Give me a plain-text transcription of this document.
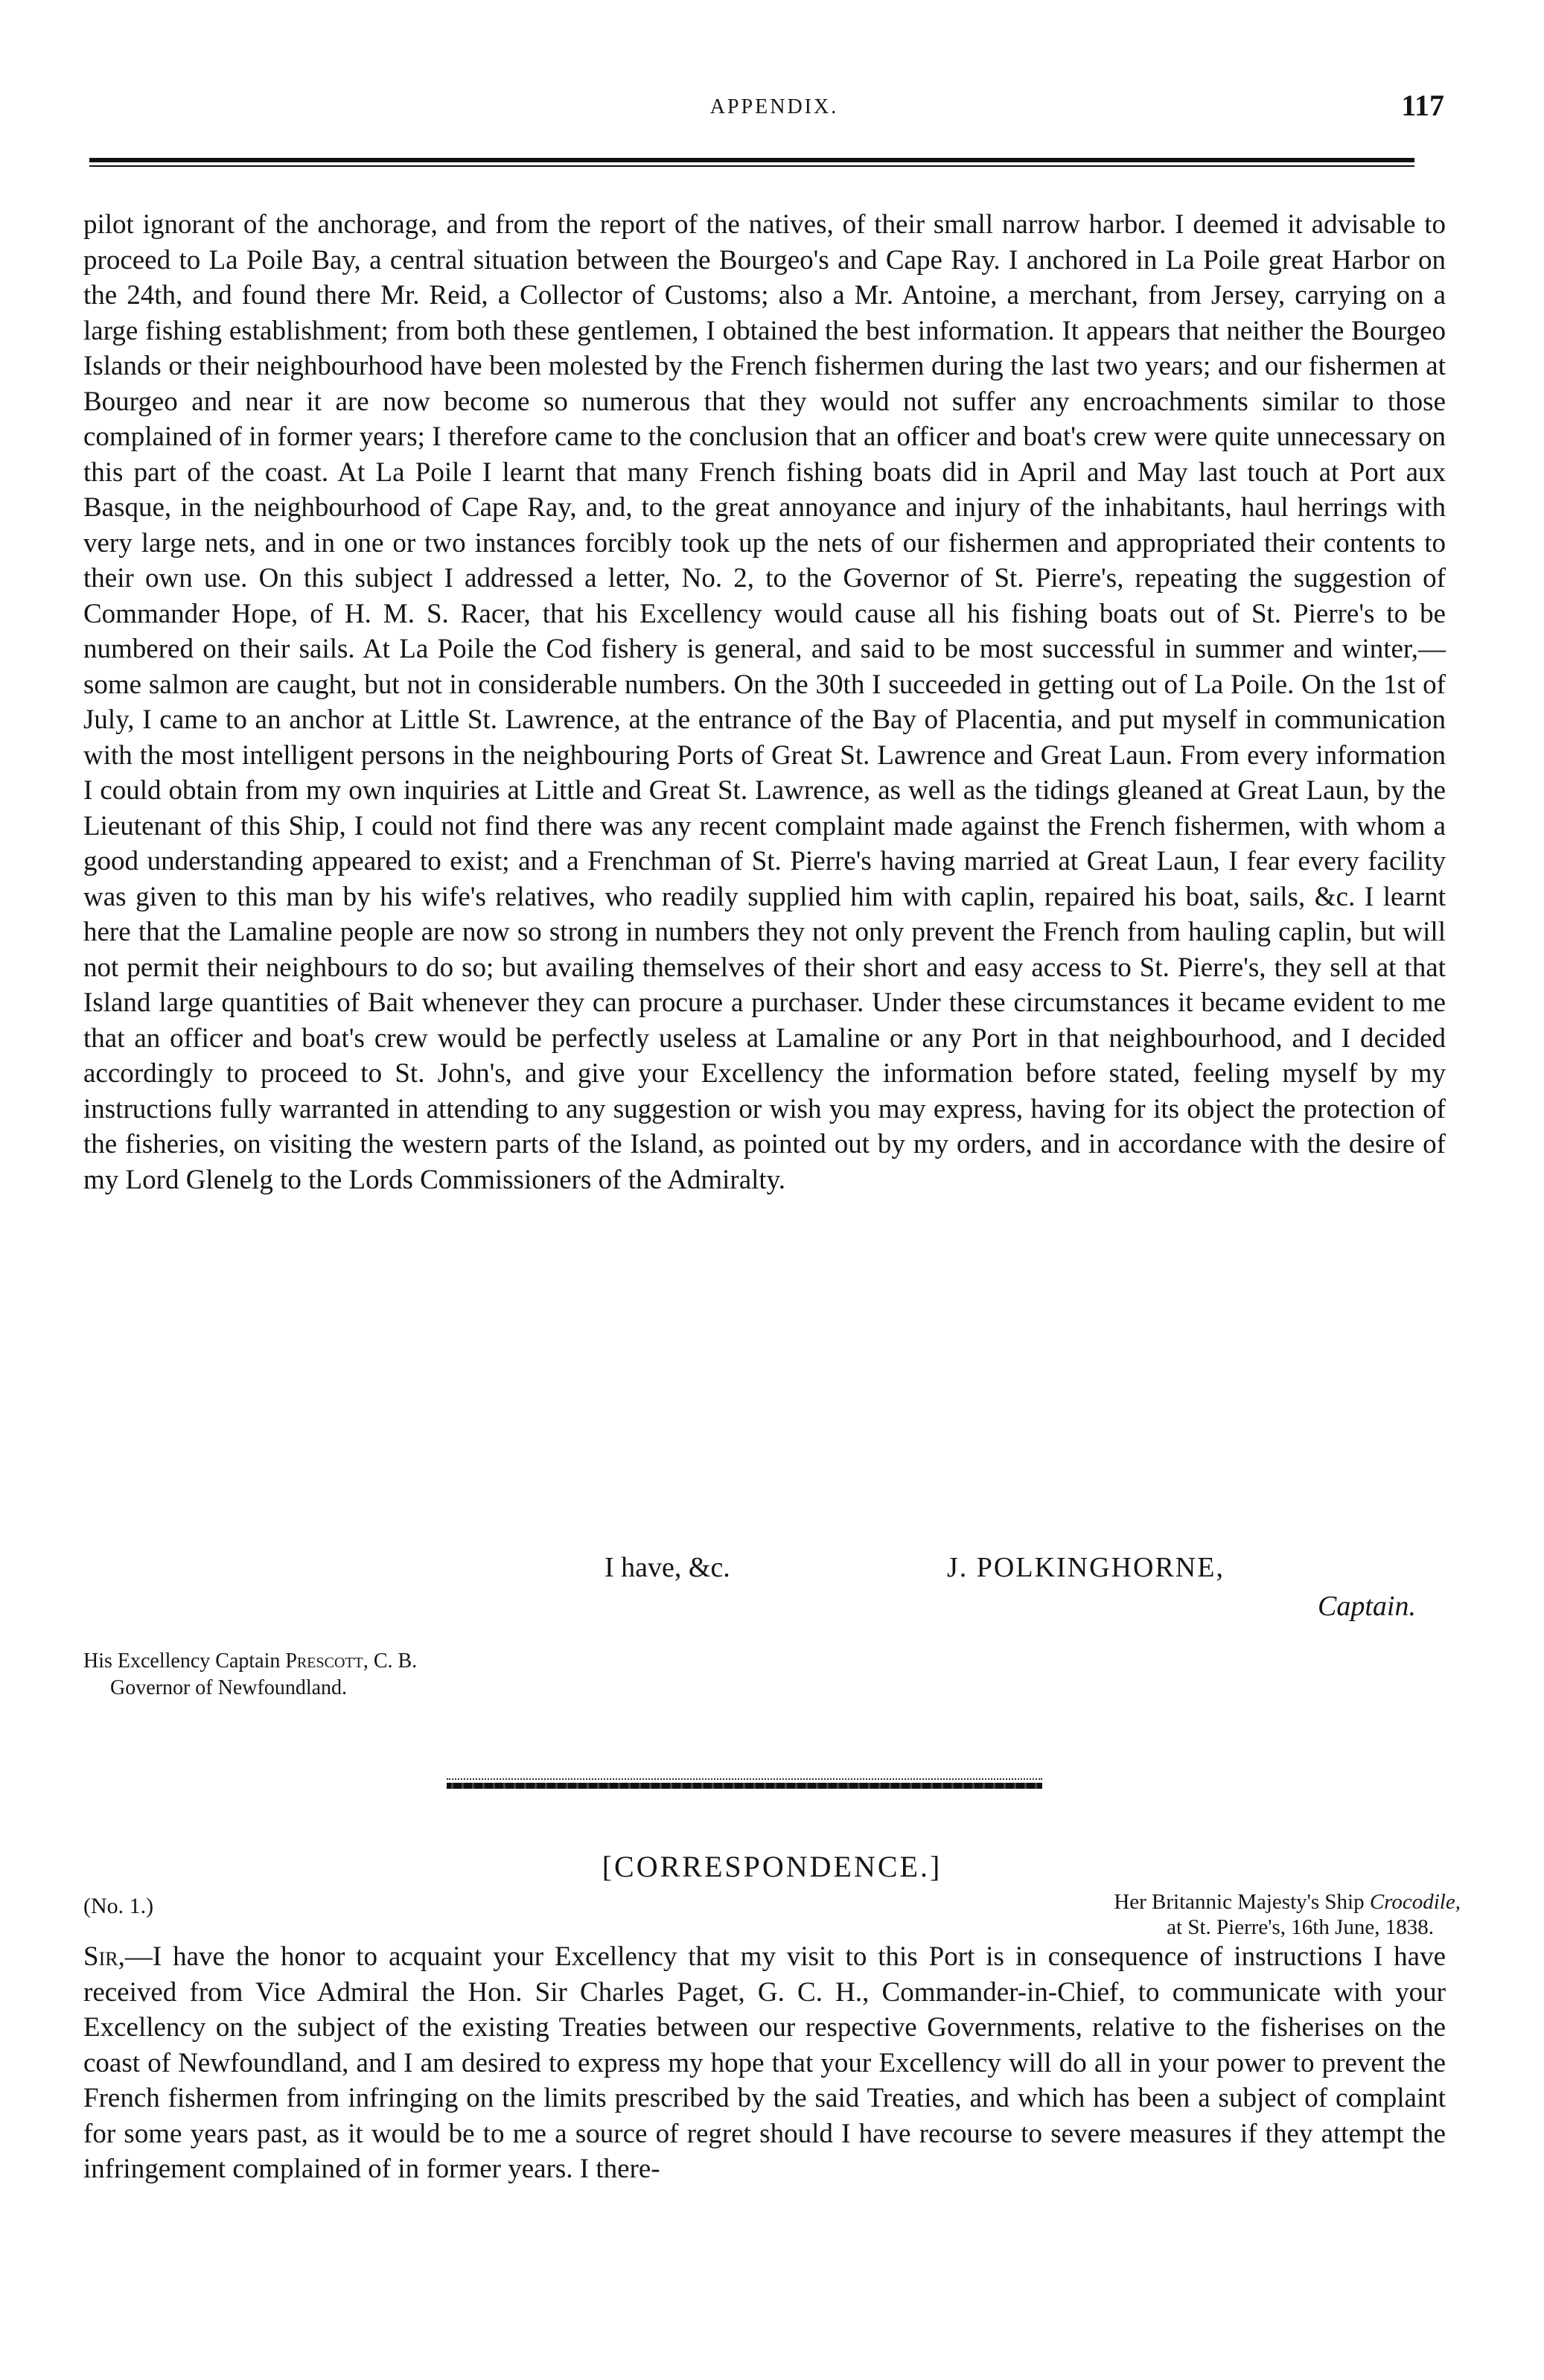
APPENDIX.	117

pilot ignorant of the anchorage, and from the report of the natives, of their small narrow harbor. I deemed it advisable to proceed to La Poile Bay, a central situation between the Bourgeo's and Cape Ray. I anchored in La Poile great Harbor on the 24th, and found there Mr. Reid, a Collector of Customs; also a Mr. Antoine, a merchant, from Jersey, carrying on a large fishing establishment; from both these gentlemen, I obtained the best information. It appears that neither the Bourgeo Islands or their neighbourhood have been molested by the French fishermen during the last two years; and our fishermen at Bourgeo and near it are now become so numerous that they would not suffer any encroachments similar to those complained of in former years; I therefore came to the conclusion that an officer and boat's crew were quite unnecessary on this part of the coast. At La Poile I learnt that many French fishing boats did in April and May last touch at Port aux Basque, in the neighbourhood of Cape Ray, and, to the great annoyance and injury of the inhabitants, haul herrings with very large nets, and in one or two instances forcibly took up the nets of our fishermen and appropriated their contents to their own use. On this subject I addressed a letter, No. 2, to the Governor of St. Pierre's, repeating the suggestion of Commander Hope, of H. M. S. Racer, that his Excellency would cause all his fishing boats out of St. Pierre's to be numbered on their sails. At La Poile the Cod fishery is general, and said to be most successful in summer and winter,—some salmon are caught, but not in considerable numbers. On the 30th I succeeded in getting out of La Poile. On the 1st of July, I came to an anchor at Little St. Lawrence, at the entrance of the Bay of Placentia, and put myself in communication with the most intelligent persons in the neighbouring Ports of Great St. Lawrence and Great Laun. From every information I could obtain from my own inquiries at Little and Great St. Lawrence, as well as the tidings gleaned at Great Laun, by the Lieutenant of this Ship, I could not find there was any recent complaint made against the French fishermen, with whom a good understanding appeared to exist; and a Frenchman of St. Pierre's having married at Great Laun, I fear every facility was given to this man by his wife's relatives, who readily supplied him with caplin, repaired his boat, sails, &c. I learnt here that the Lamaline people are now so strong in numbers they not only prevent the French from hauling caplin, but will not permit their neighbours to do so; but availing themselves of their short and easy access to St. Pierre's, they sell at that Island large quantities of Bait whenever they can procure a purchaser. Under these circumstances it became evident to me that an officer and boat's crew would be perfectly useless at Lamaline or any Port in that neighbourhood, and I decided accordingly to proceed to St. John's, and give your Excellency the information before stated, feeling myself by my instructions fully warranted in attending to any suggestion or wish you may express, having for its object the protection of the fisheries, on visiting the western parts of the Island, as pointed out by my orders, and in accordance with the desire of my Lord Glenelg to the Lords Commissioners of the Admiralty.

I have, &c.	J. POLKINGHORNE,
Captain.
His Excellency Captain Prescott, C. B.
Governor of Newfoundland.
[CORRESPONDENCE.]
(No. 1.)	Her Britannic Majesty's Ship Crocodile,
at St. Pierre's, 16th June, 1838.
Sir,—I have the honor to acquaint your Excellency that my visit to this Port is in consequence of instructions I have received from Vice Admiral the Hon. Sir Charles Paget, G. C. H., Commander-in-Chief, to communicate with your Excellency on the subject of the existing Treaties between our respective Governments, relative to the fisherises on the coast of Newfoundland, and I am desired to express my hope that your Excellency will do all in your power to prevent the French fishermen from infringing on the limits prescribed by the said Treaties, and which has been a subject of complaint for some years past, as it would be to me a source of regret should I have recourse to severe measures if they attempt the infringement complained of in former years. I there-
